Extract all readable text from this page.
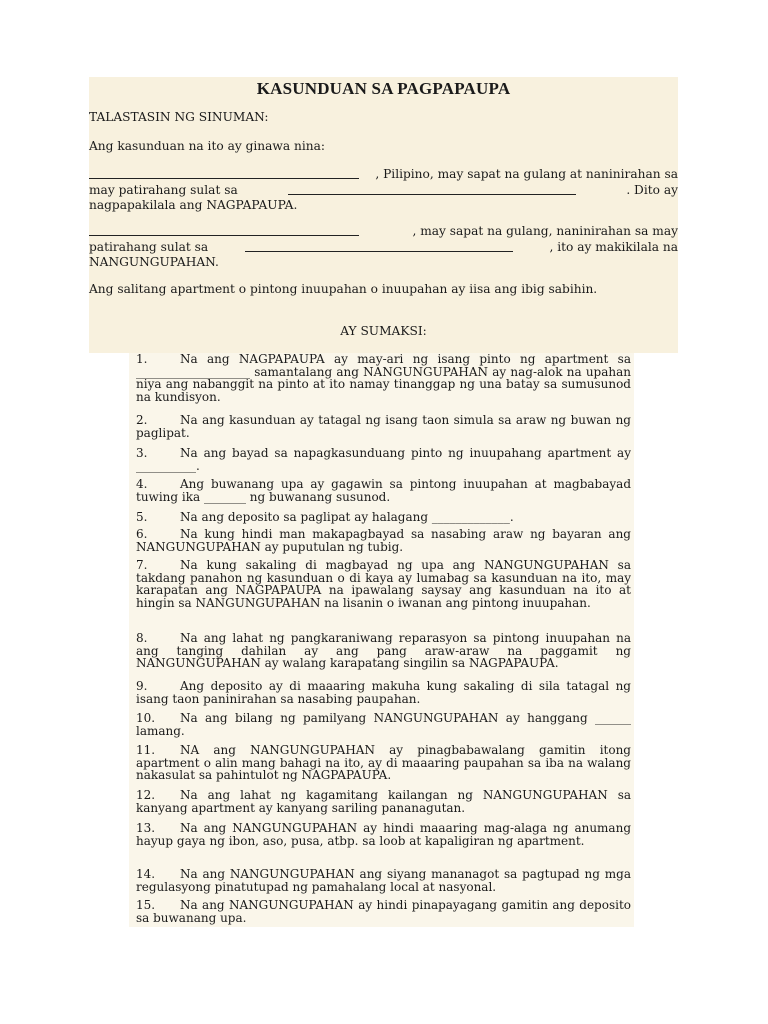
KASUNDUAN SA PAGPAPAUPA
TALASTASIN NG SINUMAN:
Ang kasunduan na ito ay ginawa nina:
, Pilipino, may sapat na gulang at naninirahan sa
may patirahang sulat sa	. Dito ay
nagpapakilala ang NAGPAPAUPA.
, may sapat na gulang, naninirahan sa may
patirahang sulat sa	, ito ay makikilala na
NANGUNGUPAHAN.
Ang salitang apartment o pintong inuupahan o inuupahan ay iisa ang ibig sabihin.
AY SUMAKSI:
1.	Na ang NAGPAPAUPA ay may-ari ng isang pinto ng apartment sa ___________________ samantalang ang NANGUNGUPAHAN ay nag-alok na upahan niya ang nabanggit na pinto at ito namay tinanggap ng una batay sa sumusunod na kundisyon.
2.	Na ang kasunduan ay tatagal ng isang taon simula sa araw ng buwan ng paglipat.
3.	Na ang bayad sa napagkasunduang pinto ng inuupahang apartment ay __________.
4.	Ang buwanang upa ay gagawin sa pintong inuupahan at magbabayad tuwing ika _______ ng buwanang susunod.
5.	Na ang deposito sa paglipat ay halagang _____________.
6.	Na kung hindi man makapagbayad sa nasabing araw ng bayaran ang NANGUNGUPAHAN ay puputulan ng tubig.
7.	Na kung sakaling di magbayad ng upa ang NANGUNGUPAHAN sa takdang panahon ng kasunduan o di kaya ay lumabag sa kasunduan na ito, may karapatan ang NAGPAPAUPA na ipawalang saysay ang kasunduan na ito at hingin sa NANGUNGUPAHAN na lisanin o iwanan ang pintong inuupahan.
8.	Na ang lahat ng pangkaraniwang reparasyon sa pintong inuupahan na ang tanging dahilan ay ang pang araw-araw na paggamit ng NANGUNGUPAHAN ay walang karapatang singilin sa NAGPAPAUPA.
9.	Ang deposito ay di maaaring makuha kung sakaling di sila tatagal ng isang taon paninirahan sa nasabing paupahan.
10. Na ang bilang ng pamilyang NANGUNGUPAHAN ay hanggang ______ lamang.
11. NA ang NANGUNGUPAHAN ay pinagbabawalang gamitin itong apartment o alin mang bahagi na ito, ay di maaaring paupahan sa iba na walang nakasulat sa pahintulot ng NAGPAPAUPA.
12. Na ang lahat ng kagamitang kailangan ng NANGUNGUPAHAN sa kanyang apartment ay kanyang sariling pananagutan.
13. Na ang NANGUNGUPAHAN ay hindi maaaring mag-alaga ng anumang hayup gaya ng ibon, aso, pusa, atbp. sa loob at kapaligiran ng apartment.
14. Na ang NANGUNGUPAHAN ang siyang mananagot sa pagtupad ng mga regulasyong pinatutupad ng pamahalang local at nasyonal.
15. Na ang NANGUNGUPAHAN ay hindi pinapayagang gamitin ang deposito sa buwanang upa.
